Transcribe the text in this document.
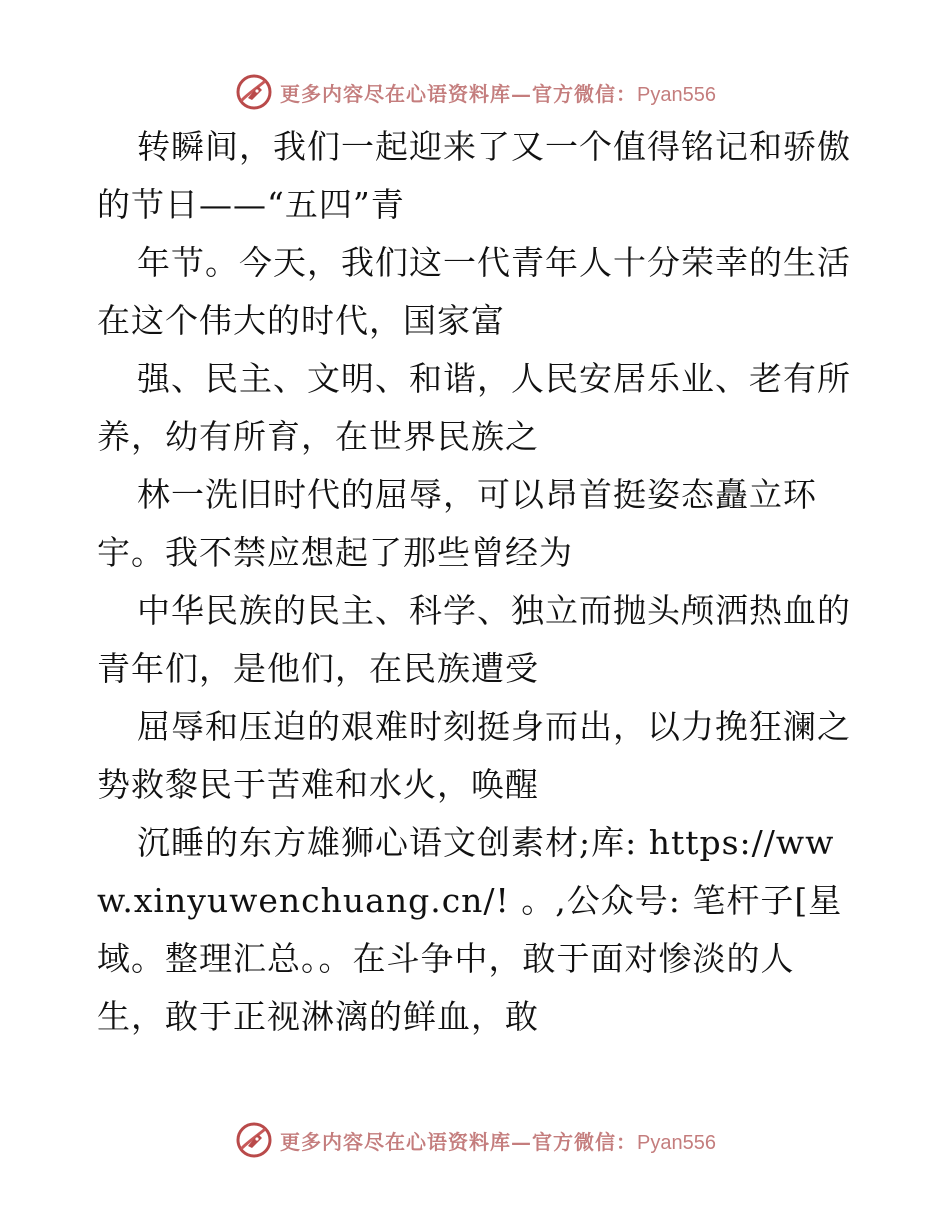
更多内容尽在心语资料库—官方微信：Pyan556

转瞬间，我们一起迎来了又一个值得铭记和骄傲的节日——“五四”青

年节。今天，我们这一代青年人十分荣幸的生活在这个伟大的时代，国家富

强、民主、文明、和谐，人民安居乐业、老有所养，幼有所育，在世界民族之

林一洗旧时代的屈辱，可以昂首挺姿态矗立环宇。我不禁应想起了那些曾经为

中华民族的民主、科学、独立而抛头颅洒热血的青年们，是他们，在民族遭受

屈辱和压迫的艰难时刻挺身而出，以力挽狂澜之势救黎民于苦难和水火，唤醒

沉睡的东方雄狮心语文创素材;库: https://www.xinyuwenchuang.cn/! 。,公众号: 笔杆子[星域。整理汇总。。在斗争中，敢于面对惨淡的人生，敢于正视淋漓的鲜血，敢

更多内容尽在心语资料库—官方微信：Pyan556
